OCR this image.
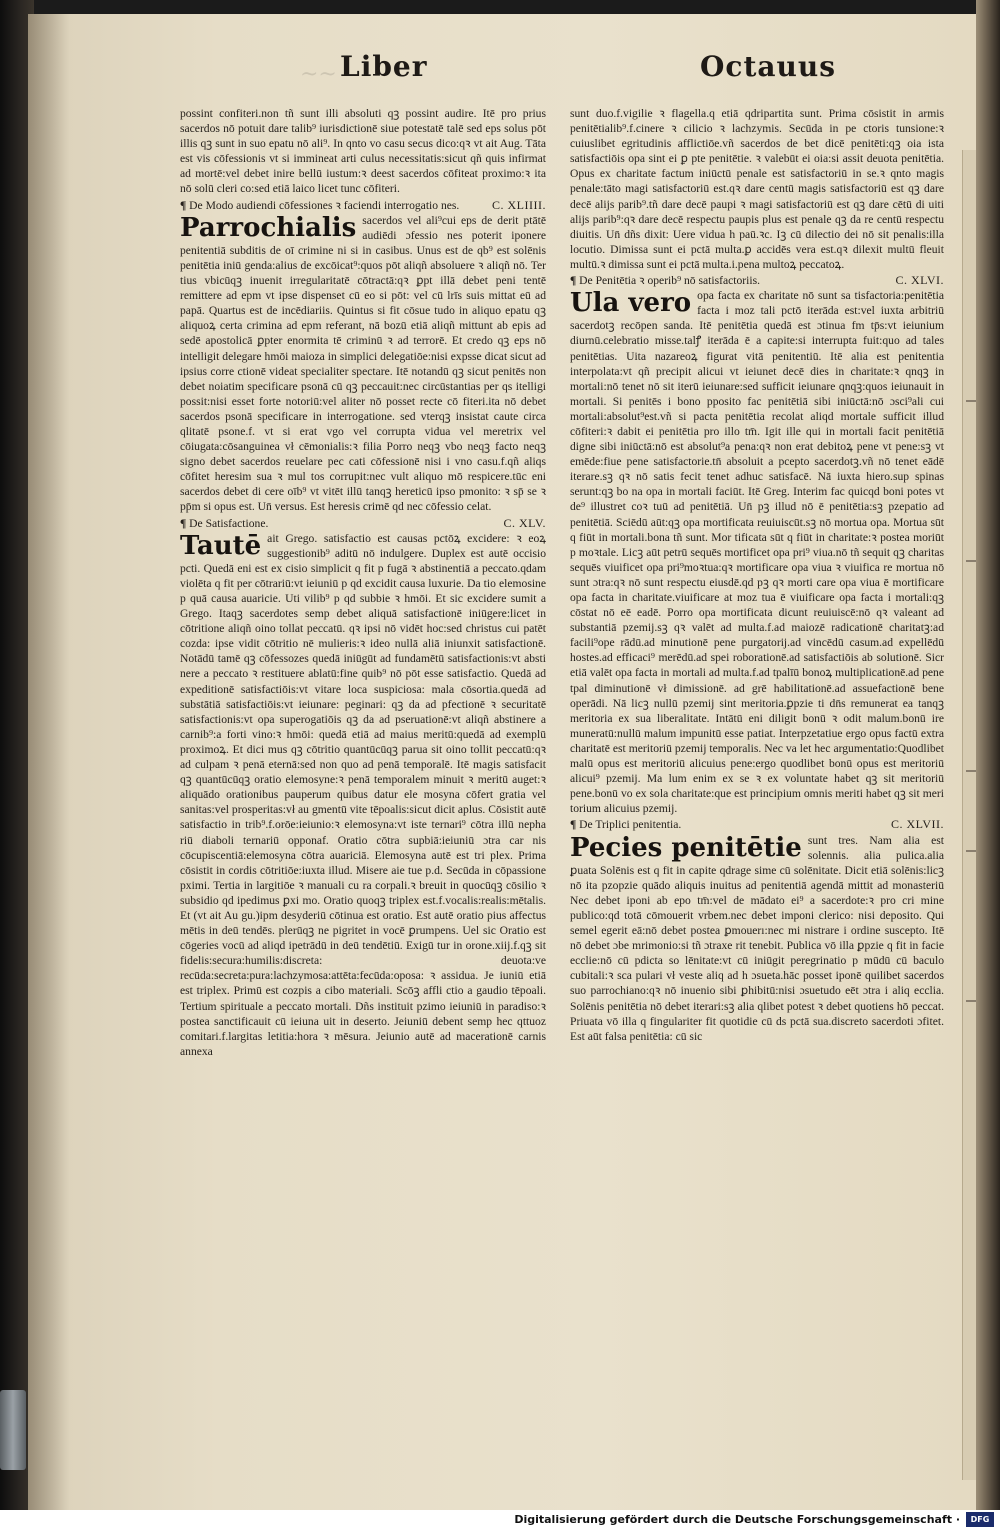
~~ Liber	Octauus

possint confiteri.non tñ sunt illi absoluti qꝫ possint audire. Itē pro prius sacerdos nō potuit dare talib⁹ iurisdictionē siue potestatē talē sed eps solus pōt illis qꝫ sunt in suo epatu nō ali⁹. In qnto vo casu secus dico:qꝛ vt ait Aug. Tāta est vis cōfessionis vt si immineat arti culus necessitatis:sicut qñ quis infirmat ad mortē:vel debet inire bellū iustum:ꝛ deest sacerdos cōfiteat proximo:ꝛ ita nō solū cleri co:sed etiā laico licet tunc cōfiteri.

¶ De Modo audiendi cōfessiones ꝛ faciendi interrogatio nes.	C. XLIIII.

Parrochialis sacerdos vel ali⁹cui eps de derit ptātē audiēdi ɔfessio nes poterit iponere penitentiā subditis de oī crimine ni si in casibus. Unus est de qb⁹ est solēnis penitētia iniū genda:alius de excōicat⁹:quos pōt aliqñ absoluere ꝛ aliqñ nō. Ter tius vbicūqꝫ inuenit irregularitatē cōtractā:qꝛ ꝑpt illā debet peni tentē remittere ad epm vt ipse dispenset cū eo si pōt: vel cū lrīs suis mittat eū ad papā. Quartus est de incēdiariis. Quintus si fit cōsue tudo in aliquo epatu qꝫ aliquoꝝ certa crimina ad epm referant, nā bozū etiā aliqñ mittunt ab epis ad sedē apostolicā ꝑpter enormita tē criminū ꝛ ad terrorē. Et credo qꝫ eps nō intelligit delegare hmōi maioza in simplici delegatiōe:nisi expsse dicat sicut ad ipsius corre ctionē videat specialiter spectare. Itē notandū qꝫ sicut penitēs non debet noiatim specificare psonā cū qꝫ peccauit:nec circūstantias per qs itelligi possit:nisi esset forte notoriū:vel aliter nō posset recte cō fiteri.ita nō debet sacerdos psonā specificare in interrogatione. sed vterqꝫ insistat caute circa qlitatē psone.f. vt si erat vgo vel corrupta vidua vel meretrix vel cōiugata:cōsanguinea vł cēmonialis:ꝛ filia Porro neqꝫ vbo neqꝫ facto neqꝫ signo debet sacerdos reuelare pec cati cōfessionē nisi i vno casu.f.qñ aliqs cōfitet heresim sua ꝛ mul tos corrupit:nec vult aliquo mō respicere.tūc eni sacerdos debet di cere oīb⁹ vt vitēt illū tanqꝫ hereticū ipso pmonito: ꝛ sp̄ se ꝛ pp̄m si opus est. Un̄ versus. Est heresis crimē qd nec cōfessio celat.

¶ De Satisfactione.	C. XLV.

Tautē ait Grego. satisfactio est causas pctōꝝ excidere: ꝛ eoꝝ suggestionib⁹ aditū nō indulgere. Duplex est autē occisio pcti. Quedā eni est ex cisio simplicit q fit p fugā ꝛ abstinentiā a peccato.qdam violēta q fit per cōtrariū:vt ieiuniū p qd excidit causa luxurie. Da tio elemosine p quā causa auaricie. Uti vilib⁹ p qd subbie ꝛ hmōi. Et sic excidere sumit a Grego. Itaqꝫ sacerdotes semp debet aliquā satisfactionē iniūgere:licet in cōtritione aliqñ oino tollat peccatū. qꝛ ipsi nō vidēt hoc:sed christus cui patēt cozda: ipse vidit cōtritio nē mulieris:ꝛ ideo nullā aliā iniunxit satisfactionē. Notādū tamē qꝫ cōfessozes quedā iniūgūt ad fundamētū satisfactionis:vt absti nere a peccato ꝛ restituere ablatū:fine quib⁹ nō pōt esse satisfactio. Quedā ad expeditionē satisfactiōis:vt vitare loca suspiciosa: mala cōsortia.quedā ad substātiā satisfactiōis:vt ieiunare: peginari: qꝫ da ad pfectionē ꝛ securitatē satisfactionis:vt opa superogatiōis qꝫ da ad pseruationē:vt aliqñ abstinere a carnib⁹:a forti vino:ꝛ hmōi: quedā etiā ad maius meritū:quedā ad exemplū proximoꝝ. Et dici mus qꝫ cōtritio quantūcūqꝫ parua sit oino tollit peccatū:qꝛ ad culpam ꝛ penā eternā:sed non quo ad penā temporalē. Itē magis satisfacit qꝫ quantūcūqꝫ oratio elemosyne:ꝛ penā temporalem minuit ꝛ meritū auget:ꝛ aliquādo orationibus pauperum quibus datur ele mosyna cōfert gratia vel sanitas:vel prosperitas:vł au gmentū vite tēpoalis:sicut dicit aplus. Cōsistit autē satisfactio in trib⁹.f.orōe:ieiunio:ꝛ elemosyna:vt iste ternari⁹ cōtra illū nepha riū diaboli ternariū opponaf. Oratio cōtra supbiā:ieiuniū ɔtra car nis cōcupiscentiā:elemosyna cōtra auariciā. Elemosyna autē est tri plex. Prima cōsistit in cordis cōtritiōe:iuxta illud. Misere aie tue p.d. Secūda in cōpassione pximi. Tertia in largitiōe ꝛ manuali cu ra corpali.ꝛ breuit in quocūqꝫ cōsilio ꝛ subsidio qd ipedimus ꝑxi mo. Oratio quoqꝫ triplex est.f.vocalis:realis:mētalis. Et (vt ait Au gu.)ipm desyderiū cōtinua est oratio. Est autē oratio pius affectus mētis in deū tendēs. plerūqꝫ ne pigritet in vocē ꝑrumpens. Uel sic Oratio est cōgeries vocū ad aliqd ipetrādū in deū tendētiū. Exigū tur in orone.xiij.f.qꝫ sit fidelis:secura:humilis:discreta: deuota:ve recūda:secreta:pura:lachzymosa:attēta:fecūda:oposa: ꝛ assidua. Je iuniū etiā est triplex. Primū est cozpis a cibo materiali. Scōꝫ affli ctio a gaudio tēpoali. Tertium spirituale a peccato mortali. Dñs instituit pzimo ieiuniū in paradiso:ꝛ postea sanctificauit cū ieiuna uit in deserto. Jeiuniū debent semp hec qttuoz comitari.f.largitas letitia:hora ꝛ mēsura. Jeiunio autē ad macerationē carnis annexa

sunt duo.f.vigilie ꝛ flagella.q etiā qdripartita sunt. Prima cōsistit in armis penitētialib⁹.f.cinere ꝛ cilicio ꝛ lachzymis. Secūda in pe ctoris tunsione:ꝛ cuiuslibet egritudinis afflictiōe.vñ sacerdos de bet dicē penitēti:qꝫ oia ista satisfactiōis opa sint ei ꝑ pte penitētie. ꝛ valebūt ei oia:si assit deuota penitētia. Opus ex charitate factum iniūctū penale est satisfactoriū in se.ꝛ qnto magis penale:tāto magi satisfactoriū est.qꝛ dare centū magis satisfactoriū est qꝫ dare decē alijs parib⁹.tñ dare decē paupi ꝛ magi satisfactoriū est qꝫ dare cētū di uiti alijs parib⁹:qꝛ dare decē respectu paupis plus est penale qꝫ da re centū respectu diuitis. Un̄ dñs dixit: Uere vidua h paū.ꝛc. Iꝫ cū dilectio dei nō sit penalis:illa locutio. Dimissa sunt ei pctā multa.ꝑ accidēs vera est.qꝛ dilexit multū fleuit multū.ꝛ dimissa sunt ei pctā multa.i.pena multoꝝ peccatoꝝ.

¶ De Penitētia ꝛ operib⁹ nō satisfactoriis.	C. XLVI.

Ula vero opa facta ex charitate nō sunt sa tisfactoria:penitētia facta i moz tali pctō iterāda est:vel iuxta arbitriū sacerdotꝫ recōpen sanda. Itē penitētia quedā est ɔtinua fm tp̄s:vt ieiunium diurnū.celebratio misse.talꝭ iterāda ē a capite:si interrupta fuit:quo ad tales penitētias. Uita nazareoꝝ figurat vitā penitentiū. Itē alia est penitentia interpolata:vt qñ precipit alicui vt ieiunet decē dies in charitate:ꝛ qnqꝫ in mortali:nō tenet nō sit iterū ieiunare:sed sufficit ieiunare qnqꝫ:quos ieiunauit in mortali. Si penitēs i bono pposito fac penitētiā sibi iniūctā:nō ɔsci⁹ali cui mortali:absolut⁹est.vñ si pacta penitētia recolat aliqd mortale sufficit illud cōfiteri:ꝛ dabit ei penitētia pro illo tm̄. Igit ille qui in mortali facit penitētiā digne sibi iniūctā:nō est absolut⁹a pena:qꝛ non erat debitoꝝ pene vt pene:sꝫ vt emēde:fiue pene satisfactorie.tn̄ absoluit a pcepto sacerdotꝫ.vñ nō tenet eādē iterare.sꝫ qꝛ nō satis fecit tenet adhuc satisfacē. Nā iuxta hiero.sup spinas serunt:qꝫ bo na opa in mortali faciūt. Itē Greg. Interim fac quicqd boni potes vt de⁹ illustret coꝛ tuū ad penitētiā. Un̄ pꝫ illud nō ē penitētia:sꝫ pzepatio ad penitētiā. Sciēdū aūt:qꝫ opa mortificata reuiuiscūt.sꝫ nō mortua opa. Mortua sūt q fiūt in mortali.bona tñ sunt. Mor tificata sūt q fiūt in charitate:ꝛ postea moriūt p moꝛtale. Licꝫ aūt petrū sequēs mortificet opa pri⁹ viua.nō tñ sequit qꝫ charitas sequēs viuificet opa pri⁹moꝛtua:qꝛ mortificare opa viua ꝛ viuifica re mortua nō sunt ɔtra:qꝛ nō sunt respectu eiusdē.qd pꝫ qꝛ morti care opa viua ē mortificare opa facta in charitate.viuificare at moz tua ē viuificare opa facta i mortali:qꝫ cōstat nō eē eadē. Porro opa mortificata dicunt reuiuiscē:nō qꝛ valeant ad substantiā pzemij.sꝫ qꝛ valēt ad multa.f.ad maiozē radicationē charitatꝫ:ad facili⁹ope rādū.ad minutionē pene purgatorij.ad vincēdū casum.ad expellēdū hostes.ad efficaci⁹ merēdū.ad spei roborationē.ad satisfactiōis ab solutionē. Sicr etiā valēt opa facta in mortali ad multa.f.ad tpalīū bonoꝝ multiplicationē.ad pene tpal diminutionē vł dimissionē. ad grē habilitationē.ad assuefactionē bene operādi. Nā licꝫ nullū pzemij sint meritoria.ꝑpzie ti dn̄s remunerat ea tanqꝫ meritoria ex sua liberalitate. Intātū eni diligit bonū ꝛ odit malum.bonū ire muneratū:nullū malum impunitū esse patiat. Interpzetatiue ergo opus factū extra charitatē est meritoriū pzemij temporalis. Nec va let hec argumentatio:Quodlibet malū opus est meritoriū alicuius pene:ergo quodlibet bonū opus est meritoriū alicui⁹ pzemij. Ma lum enim ex se ꝛ ex voluntate habet qꝫ sit meritoriū pene.bonū vo ex sola charitate:que est principium omnis meriti habet qꝫ sit meri torium alicuius pzemij.

¶ De Triplici penitentia.	C. XLVII.

Pecies penitētie sunt tres. Nam alia est solennis. alia pulica.alia ꝑuata Solēnis est q fit in capite qdrage sime cū solēnitate. Dicit etiā solēnis:licꝫ nō ita pzopzie quādo aliquis inuitus ad penitentiā agendā mittit ad monasteriū Nec debet iponi ab epo tm̄:vel de mādato ei⁹ a sacerdote:ꝛ pro cri mine publico:qd totā cōmouerit vrbem.nec debet imponi clerico: nisi deposito. Qui semel egerit eā:nō debet postea ꝑmouerı:nec mi nistrare i ordine suscepto. Itē nō debet ɔbe mrimonio:si tñ ɔtraxe rit tenebit. Publica vō illa ꝑpzie q fit in facie ecclie:nō cū pdicta so lēnitate:vt cū iniūgit peregrinatio p mūdū cū baculo cubitali:ꝛ sca pulari vł veste aliq ad h ɔsueta.hāc posset iponē quilibet sacerdos suo parrochiano:qꝛ nō inuenio sibi ꝑhibitū:nisi ɔsuetudo eēt ɔtra i aliq ecclia. Solēnis penitētia nō debet iterari:sꝫ alia qlibet potest ꝛ debet quotiens hō peccat. Priuata vō illa q fingulariter fit quotidie cū ds pctā sua.discreto sacerdoti ɔfitet. Est aūt falsa penitētia: cū sic

Digitalisierung gefördert durch die Deutsche Forschungsgemeinschaft ·	DFG
